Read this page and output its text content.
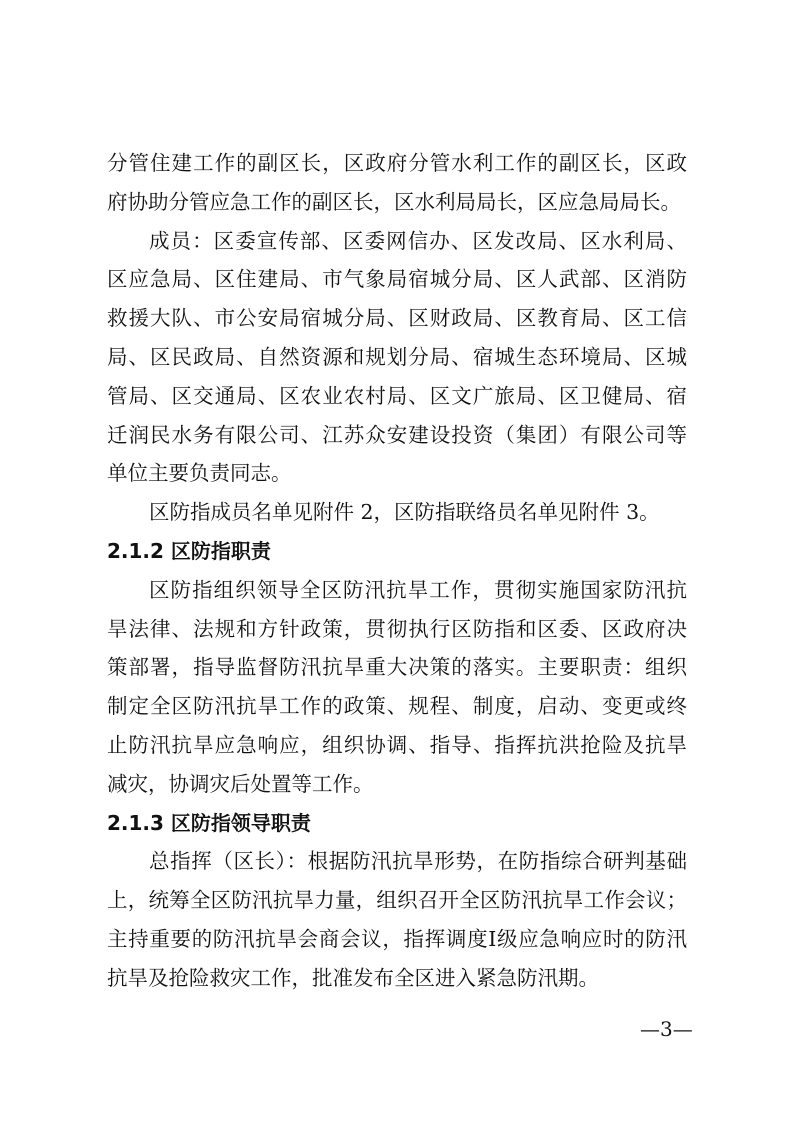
分管住建工作的副区长，区政府分管水利工作的副区长，区政
府协助分管应急工作的副区长，区水利局局长，区应急局局长。
成员：区委宣传部、区委网信办、区发改局、区水利局、
区应急局、区住建局、市气象局宿城分局、区人武部、区消防
救援大队、市公安局宿城分局、区财政局、区教育局、区工信
局、区民政局、自然资源和规划分局、宿城生态环境局、区城
管局、区交通局、区农业农村局、区文广旅局、区卫健局、宿
迁润民水务有限公司、江苏众安建设投资（集团）有限公司等
单位主要负责同志。
区防指成员名单见附件 2，区防指联络员名单见附件 3。
2.1.2 区防指职责
区防指组织领导全区防汛抗旱工作，贯彻实施国家防汛抗
旱法律、法规和方针政策，贯彻执行区防指和区委、区政府决
策部署，指导监督防汛抗旱重大决策的落实。主要职责：组织
制定全区防汛抗旱工作的政策、规程、制度，启动、变更或终
止防汛抗旱应急响应，组织协调、指导、指挥抗洪抢险及抗旱
减灾，协调灾后处置等工作。
2.1.3 区防指领导职责
总指挥（区长）：根据防汛抗旱形势，在防指综合研判基础
上，统筹全区防汛抗旱力量，组织召开全区防汛抗旱工作会议；
主持重要的防汛抗旱会商会议，指挥调度I级应急响应时的防汛
抗旱及抢险救灾工作，批准发布全区进入紧急防汛期。
—3—
